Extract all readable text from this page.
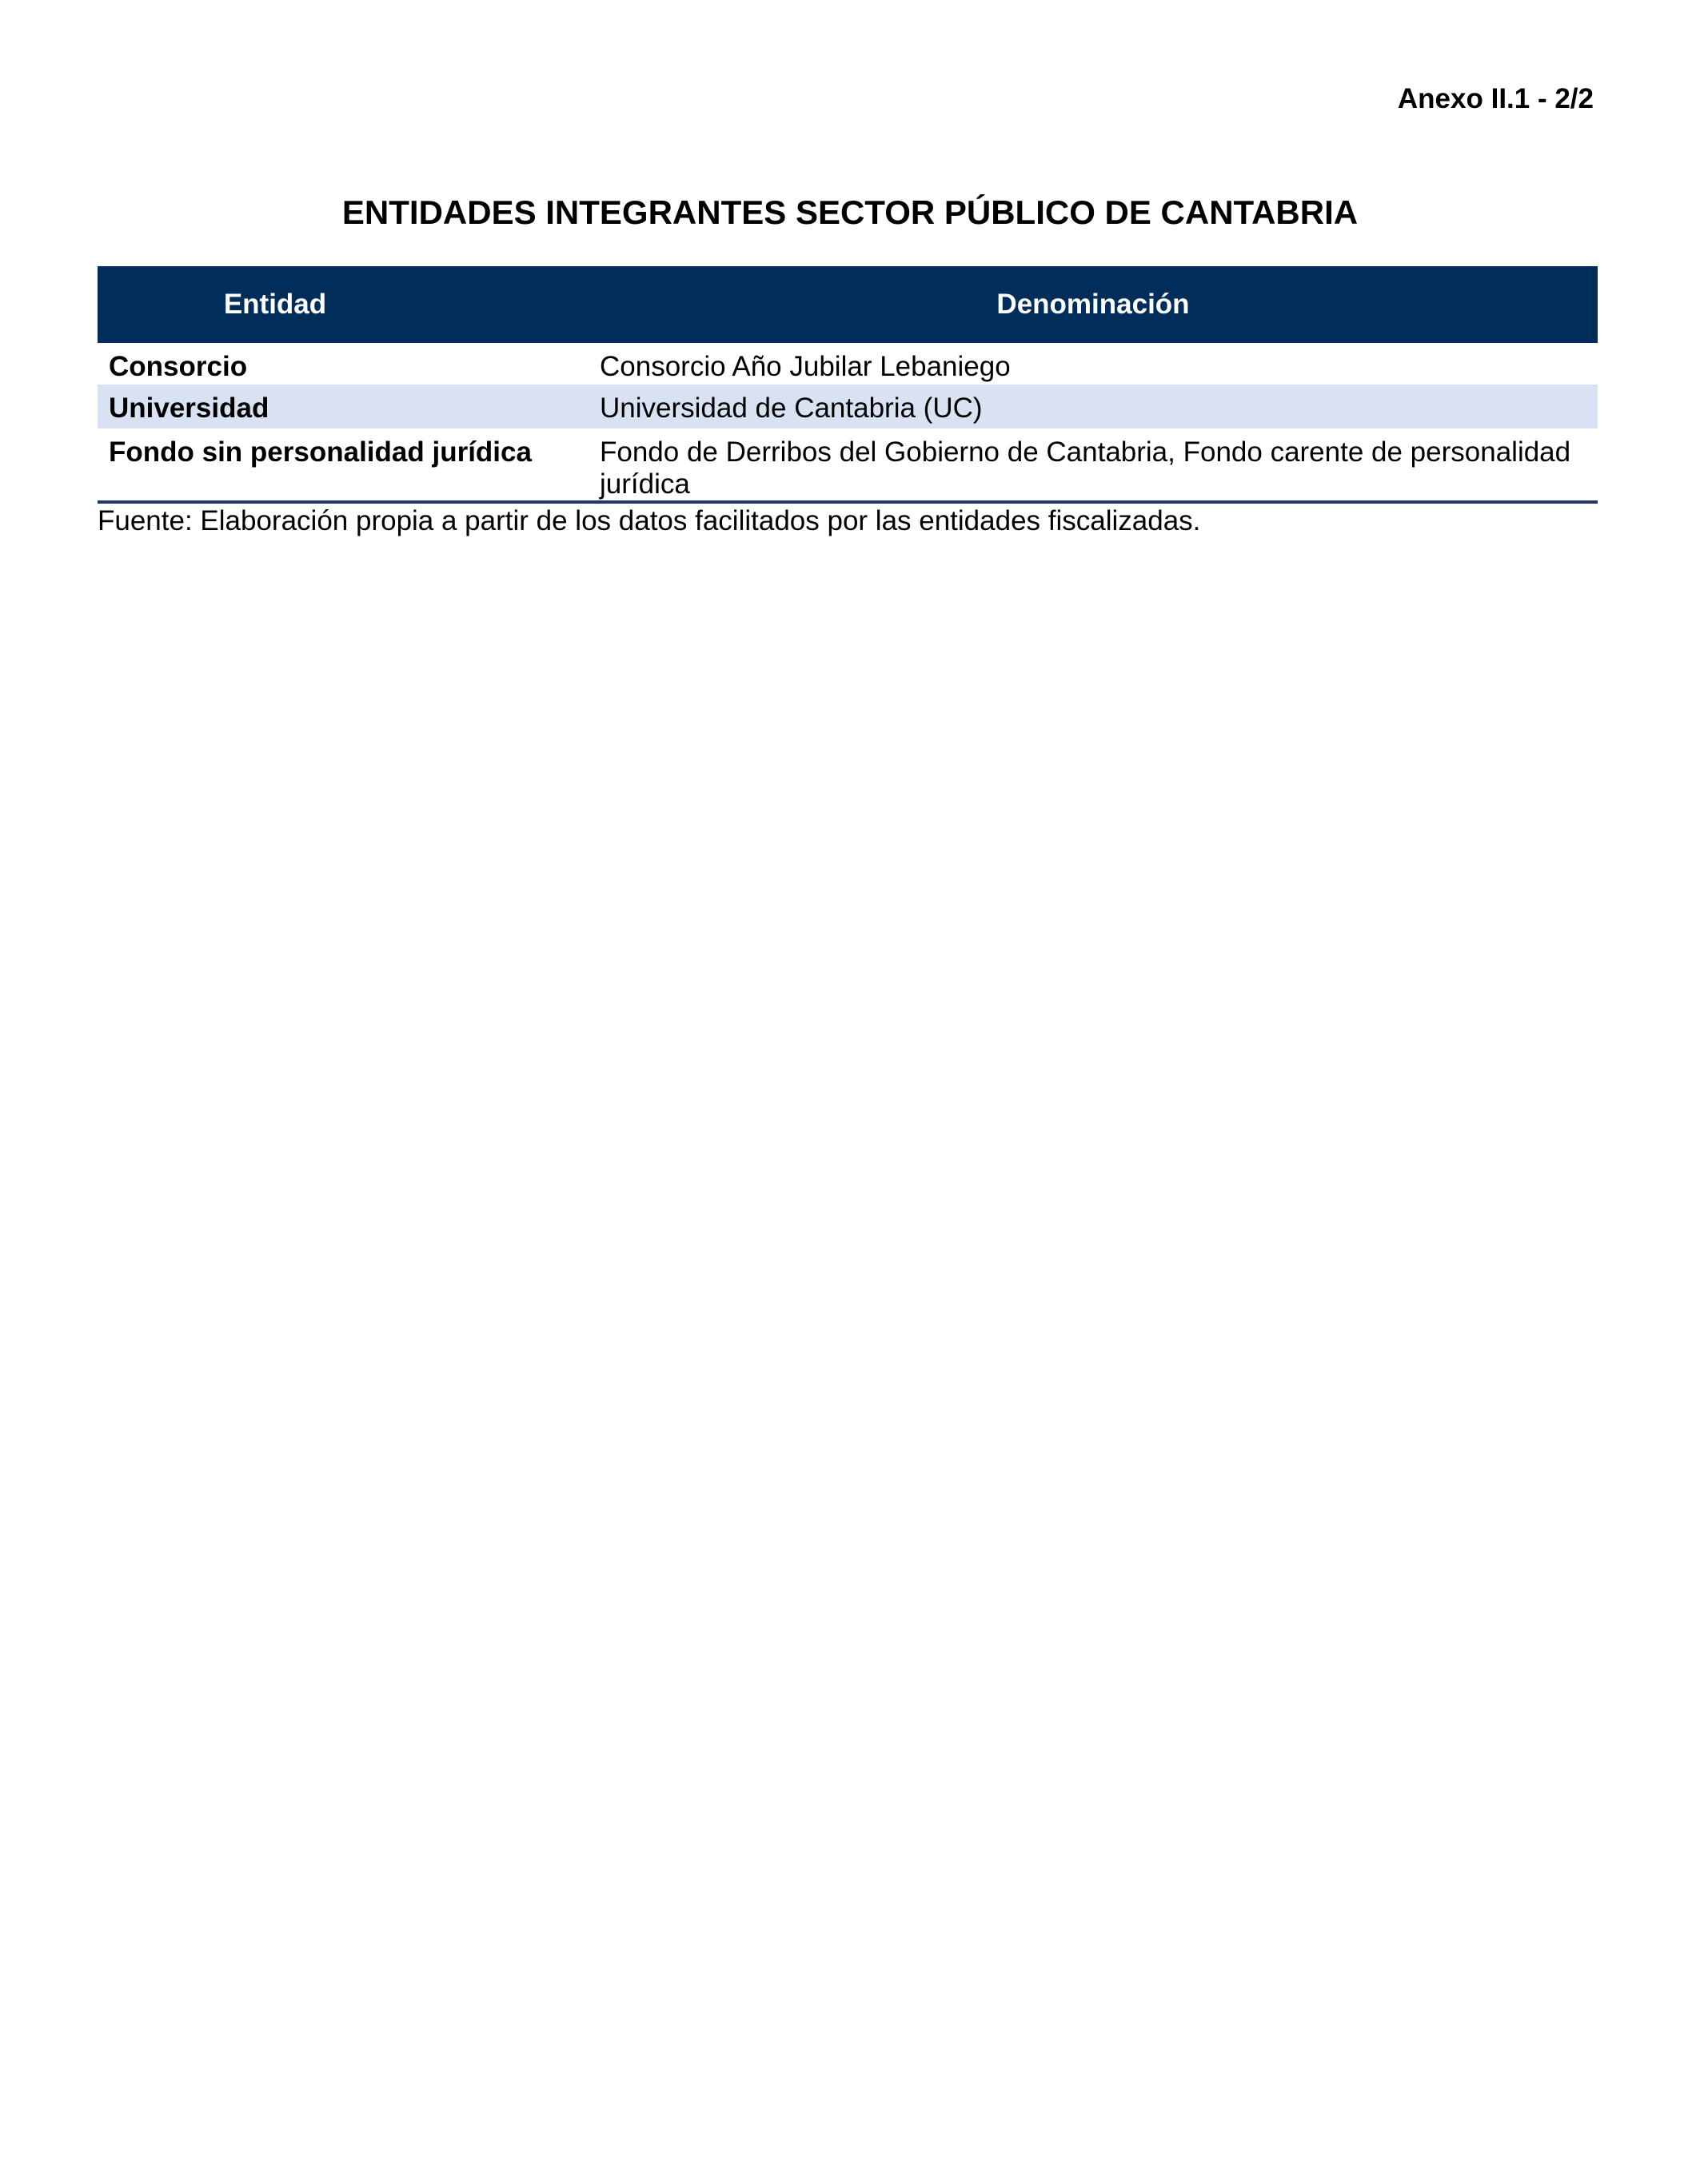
Anexo II.1 - 2/2
ENTIDADES INTEGRANTES SECTOR PÚBLICO DE CANTABRIA
Entidad	Denominación
Consorcio	Consorcio Año Jubilar Lebaniego
Universidad	Universidad de Cantabria (UC)
Fondo sin personalidad jurídica	Fondo de Derribos del Gobierno de Cantabria, Fondo carente de personalidad jurídica
Fuente: Elaboración propia a partir de los datos facilitados por las entidades fiscalizadas.
